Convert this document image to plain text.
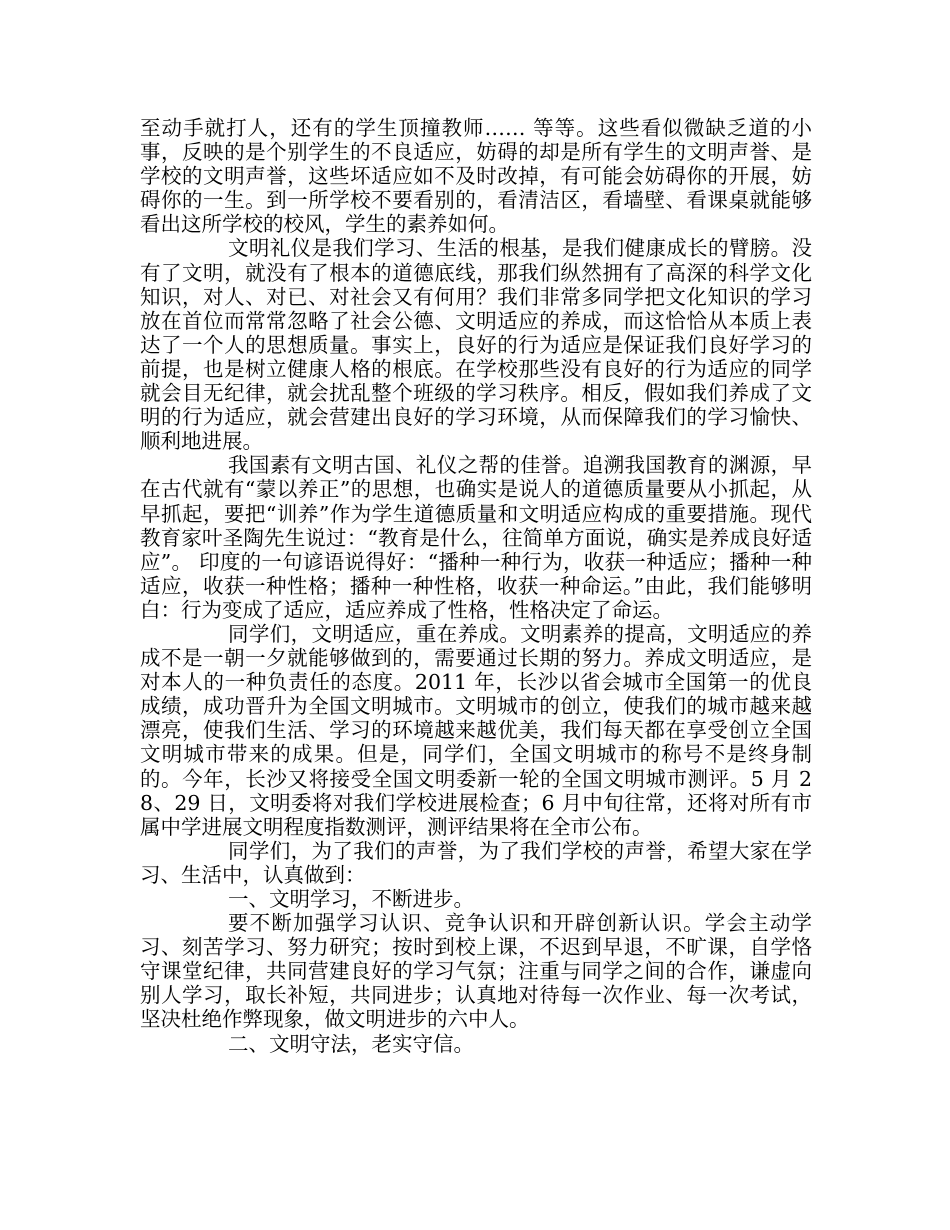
至动手就打人，还有的学生顶撞教师…… 等等。这些看似微缺乏道的小事，反映的是个别学生的不良适应，妨碍的却是所有学生的文明声誉、是学校的文明声誉，这些坏适应如不及时改掉，有可能会妨碍你的开展，妨碍你的一生。到一所学校不要看别的，看清洁区，看墙壁、看课桌就能够看出这所学校的校风，学生的素养如何。

文明礼仪是我们学习、生活的根基，是我们健康成长的臂膀。没有了文明，就没有了根本的道德底线，那我们纵然拥有了高深的科学文化知识，对人、对已、对社会又有何用？我们非常多同学把文化知识的学习放在首位而常常忽略了社会公德、文明适应的养成，而这恰恰从本质上表达了一个人的思想质量。事实上，良好的行为适应是保证我们良好学习的前提，也是树立健康人格的根底。在学校那些没有良好的行为适应的同学就会目无纪律，就会扰乱整个班级的学习秩序。相反，假如我们养成了文明的行为适应，就会营建出良好的学习环境，从而保障我们的学习愉快、顺利地进展。

我国素有文明古国、礼仪之帮的佳誉。追溯我国教育的渊源，早在古代就有“蒙以养正”的思想，也确实是说人的道德质量要从小抓起，从早抓起，要把“训养”作为学生道德质量和文明适应构成的重要措施。现代教育家叶圣陶先生说过：“教育是什么，往简单方面说，确实是养成良好适应”。 印度的一句谚语说得好：“播种一种行为，收获一种适应；播种一种适应，收获一种性格；播种一种性格，收获一种命运。”由此，我们能够明白：行为变成了适应，适应养成了性格，性格决定了命运。

同学们，文明适应，重在养成。文明素养的提高，文明适应的养成不是一朝一夕就能够做到的，需要通过长期的努力。养成文明适应，是对本人的一种负责任的态度。2011 年，长沙以省会城市全国第一的优良成绩，成功晋升为全国文明城市。文明城市的创立，使我们的城市越来越漂亮，使我们生活、学习的环境越来越优美，我们每天都在享受创立全国文明城市带来的成果。但是，同学们，全国文明城市的称号不是终身制的。今年，长沙又将接受全国文明委新一轮的全国文明城市测评。5 月 28、29 日，文明委将对我们学校进展检查；6 月中旬往常，还将对所有市属中学进展文明程度指数测评，测评结果将在全市公布。

同学们，为了我们的声誉，为了我们学校的声誉，希望大家在学习、生活中，认真做到：

一、文明学习，不断进步。

要不断加强学习认识、竞争认识和开辟创新认识。学会主动学习、刻苦学习、努力研究；按时到校上课，不迟到早退，不旷课，自学恪守课堂纪律，共同营建良好的学习气氛；注重与同学之间的合作，谦虚向别人学习，取长补短，共同进步；认真地对待每一次作业、每一次考试，坚决杜绝作弊现象，做文明进步的六中人。

二、文明守法，老实守信。
